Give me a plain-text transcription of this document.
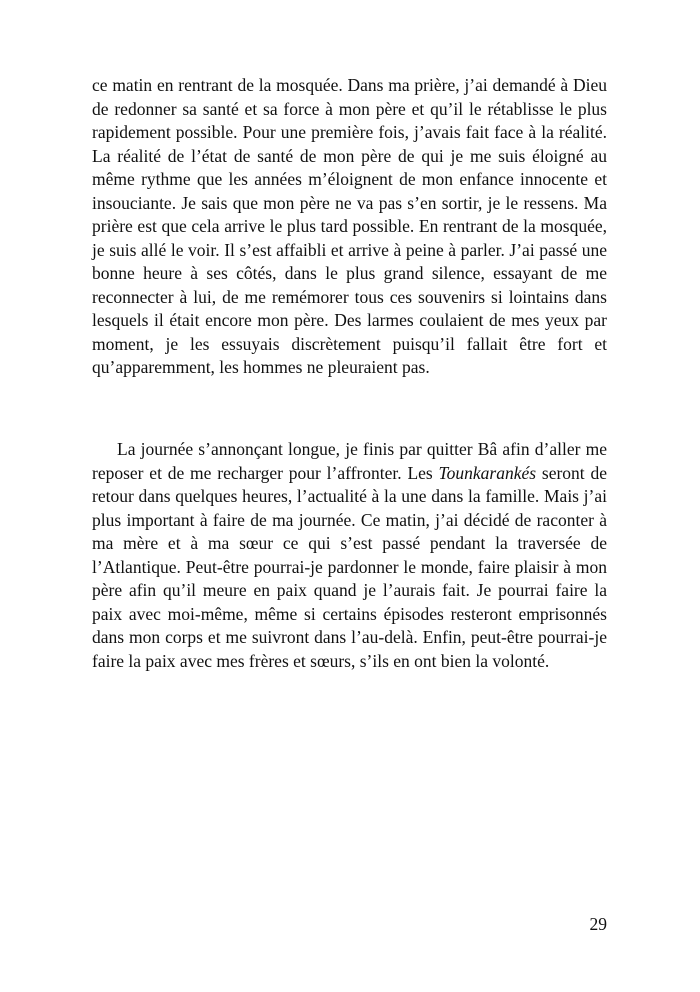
ce matin en rentrant de la mosquée. Dans ma prière, j’ai demandé à Dieu de redonner sa santé et sa force à mon père et qu’il le rétablisse le plus rapidement possible. Pour une première fois, j’avais fait face à la réalité. La réalité de l’état de santé de mon père de qui je me suis éloigné au même rythme que les années m’éloignent de mon enfance innocente et insouciante. Je sais que mon père ne va pas s’en sortir, je le ressens. Ma prière est que cela arrive le plus tard possible. En rentrant de la mosquée, je suis allé le voir. Il s’est affaibli et arrive à peine à parler. J’ai passé une bonne heure à ses côtés, dans le plus grand silence, essayant de me reconnecter à lui, de me remémorer tous ces souvenirs si lointains dans lesquels il était encore mon père. Des larmes coulaient de mes yeux par moment, je les essuyais discrètement puisqu’il fallait être fort et qu’apparemment, les hommes ne pleuraient pas.

La journée s’annonçant longue, je finis par quitter Bâ afin d’aller me reposer et de me recharger pour l’affronter. Les Tounkarankés seront de retour dans quelques heures, l’actualité à la une dans la famille. Mais j’ai plus important à faire de ma journée. Ce matin, j’ai décidé de raconter à ma mère et à ma sœur ce qui s’est passé pendant la traversée de l’Atlantique. Peut-être pourrai-je pardonner le monde, faire plaisir à mon père afin qu’il meure en paix quand je l’aurais fait. Je pourrai faire la paix avec moi-même, même si certains épisodes resteront emprisonnés dans mon corps et me suivront dans l’au-delà. Enfin, peut-être pourrai-je faire la paix avec mes frères et sœurs, s’ils en ont bien la volonté.

29
